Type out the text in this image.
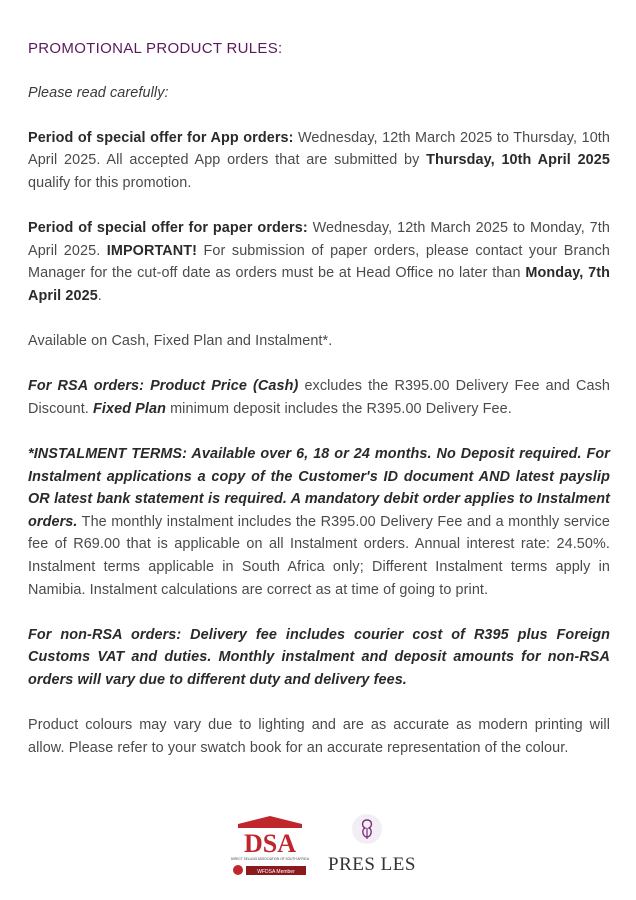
PROMOTIONAL PRODUCT RULES:

Please read carefully:

Period of special offer for App orders: Wednesday, 12th March 2025 to Thursday, 10th April 2025. All accepted App orders that are submitted by Thursday, 10th April 2025 qualify for this promotion.

Period of special offer for paper orders: Wednesday, 12th March 2025 to Monday, 7th April 2025. IMPORTANT! For submission of paper orders, please contact your Branch Manager for the cut-off date as orders must be at Head Office no later than Monday, 7th April 2025.

Available on Cash, Fixed Plan and Instalment*.

For RSA orders: Product Price (Cash) excludes the R395.00 Delivery Fee and Cash Discount. Fixed Plan minimum deposit includes the R395.00 Delivery Fee.

*INSTALMENT TERMS: Available over 6, 18 or 24 months. No Deposit required. For Instalment applications a copy of the Customer's ID document AND latest payslip OR latest bank statement is required. A mandatory debit order applies to Instalment orders. The monthly instalment includes the R395.00 Delivery Fee and a monthly service fee of R69.00 that is applicable on all Instalment orders. Annual interest rate: 24.50%. Instalment terms applicable in South Africa only; Different Instalment terms apply in Namibia. Instalment calculations are correct as at time of going to print.

For non-RSA orders: Delivery fee includes courier cost of R395 plus Foreign Customs VAT and duties. Monthly instalment and deposit amounts for non-RSA orders will vary due to different duty and delivery fees.

Product colours may vary due to lighting and are as accurate as modern printing will allow. Please refer to your swatch book for an accurate representation of the colour.

DSA
DIRECT SELLING ASSOCIATION OF SOUTH AFRICA
WFDSA Member PRES LES
